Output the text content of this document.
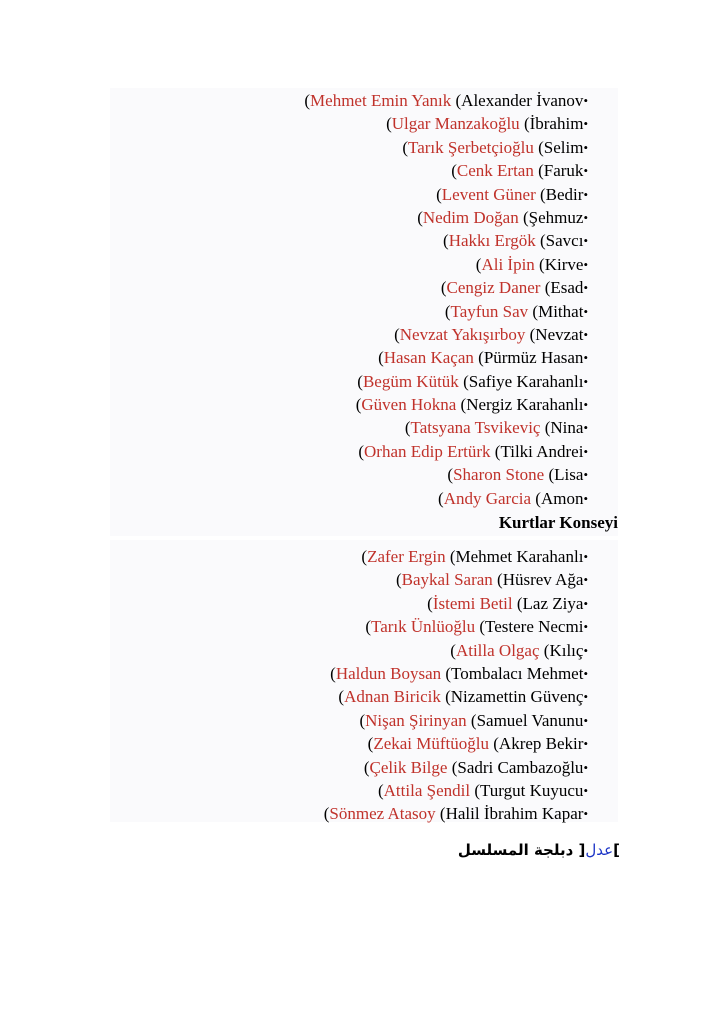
(Mehmet Emin Yanık (Alexander İvanov•
(Ulgar Manzakoğlu (İbrahim•
(Tarık Şerbetçioğlu (Selim•
(Cenk Ertan (Faruk•
(Levent Güner (Bedir•
(Nedim Doğan (Şehmuz•
(Hakkı Ergök (Savcı•
(Ali İpin (Kirve•
(Cengiz Daner (Esad•
(Tayfun Sav (Mithat•
(Nevzat Yakışırboy (Nevzat•
(Hasan Kaçan (Pürmüz Hasan•
(Begüm Kütük (Safiye Karahanlı•
(Güven Hokna (Nergiz Karahanlı•
(Tatsyana Tsvikeviç (Nina•
(Orhan Edip Ertürk (Tilki Andrei•
(Sharon Stone (Lisa•
(Andy Garcia (Amon•
Kurtlar Konseyi
(Zafer Ergin (Mehmet Karahanlı•
(Baykal Saran (Hüsrev Ağa•
(İstemi Betil (Laz Ziya•
(Tarık Ünlüoğlu (Testere Necmi•
(Atilla Olgaç (Kılıç•
(Haldun Boysan (Tombalacı Mehmet•
(Adnan Biricik (Nizamettin Güvenç•
(Nişan Şirinyan (Samuel Vanunu•
(Zekai Müftüoğlu (Akrep Bekir•
(Çelik Bilge (Sadri Cambazoğlu•
(Attila Şendil (Turgut Kuyucu•
(Sönmez Atasoy (Halil İbrahim Kapar•
]عدل[ دبلجة المسلسل
